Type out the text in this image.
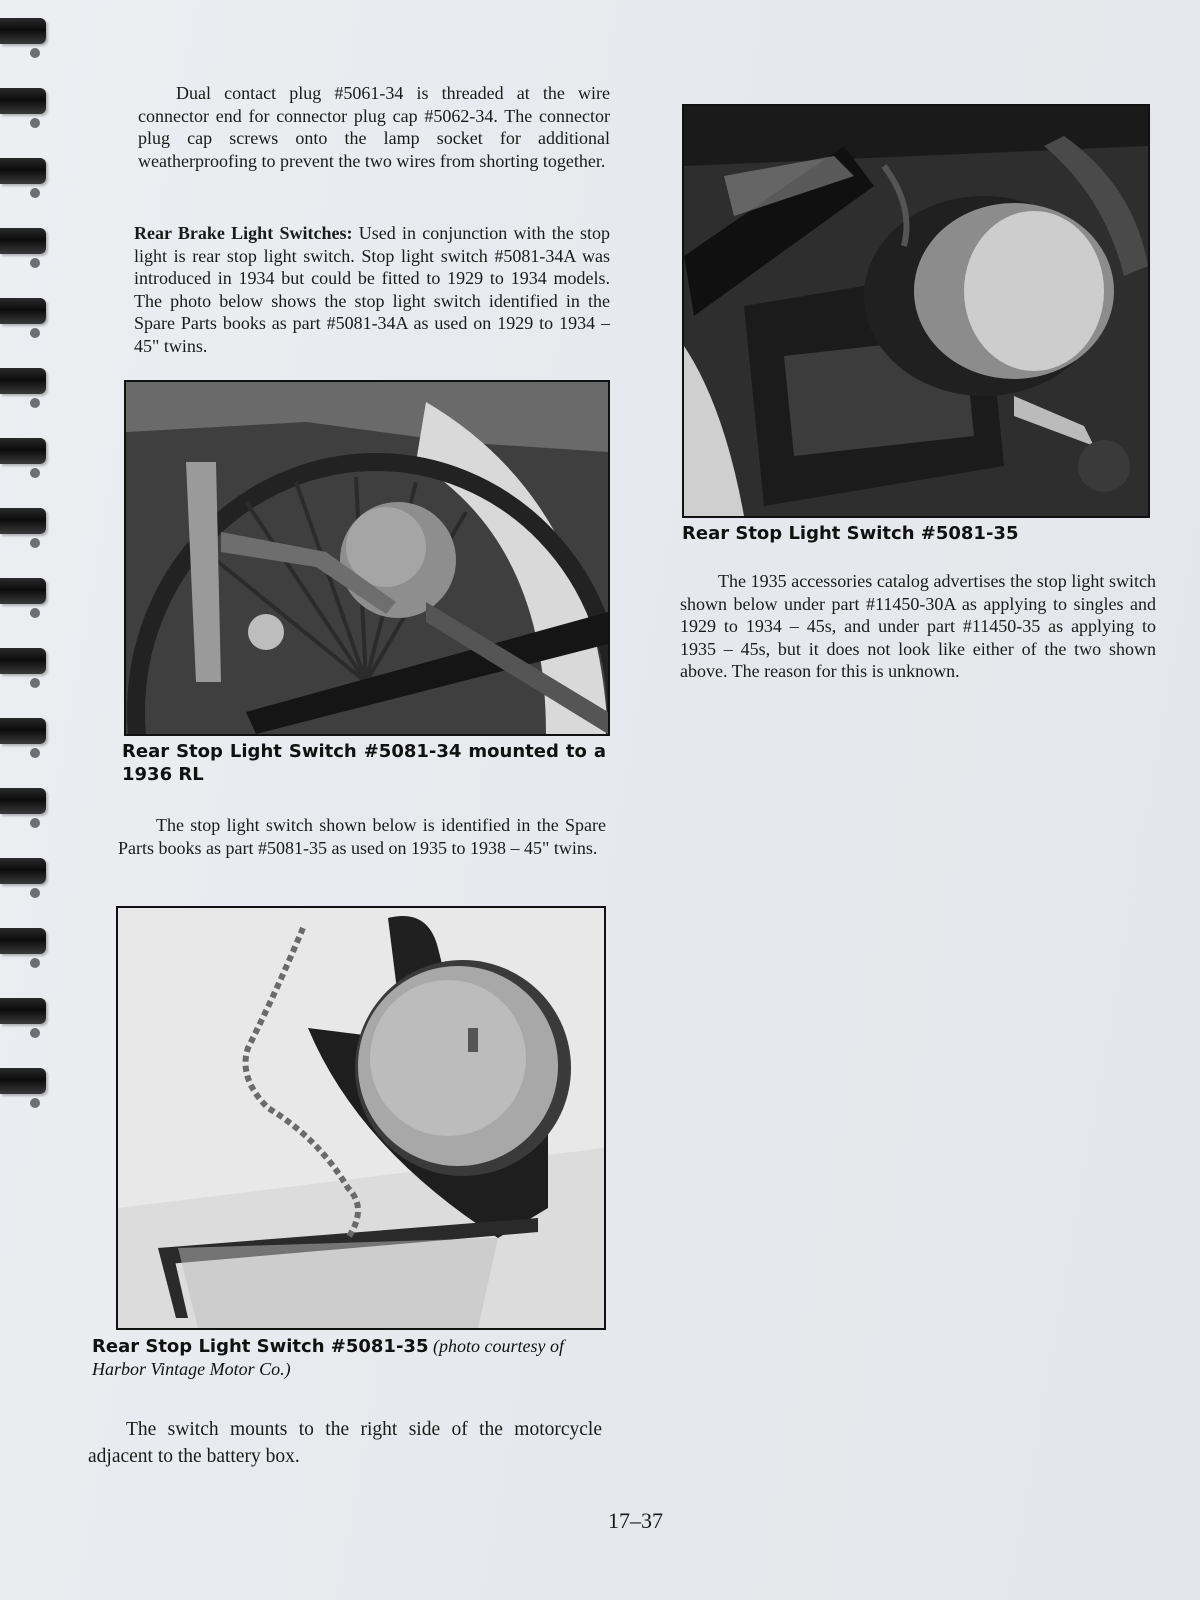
Dual contact plug #5061-34 is threaded at the wire connector end for connector plug cap #5062-34. The connector plug cap screws onto the lamp socket for additional weatherproofing to prevent the two wires from shorting together.

Rear Brake Light Switches: Used in conjunction with the stop light is rear stop light switch. Stop light switch #5081-34A was introduced in 1934 but could be fitted to 1929 to 1934 models. The photo below shows the stop light switch identified in the Spare Parts books as part #5081-34A as used on 1929 to 1934 – 45" twins.

Rear Stop Light Switch #5081-34 mounted to a 1936 RL

The stop light switch shown below is identified in the Spare Parts books as part #5081-35 as used on 1935 to 1938 – 45" twins.

Rear Stop Light Switch #5081-35 (photo courtesy of Harbor Vintage Motor Co.)

The switch mounts to the right side of the motorcycle adjacent to the battery box.

Rear Stop Light Switch #5081-35

The 1935 accessories catalog advertises the stop light switch shown below under part #11450-30A as applying to singles and 1929 to 1934 – 45s, and under part #11450-35 as applying to 1935 – 45s, but it does not look like either of the two shown above. The reason for this is unknown.

17–37
